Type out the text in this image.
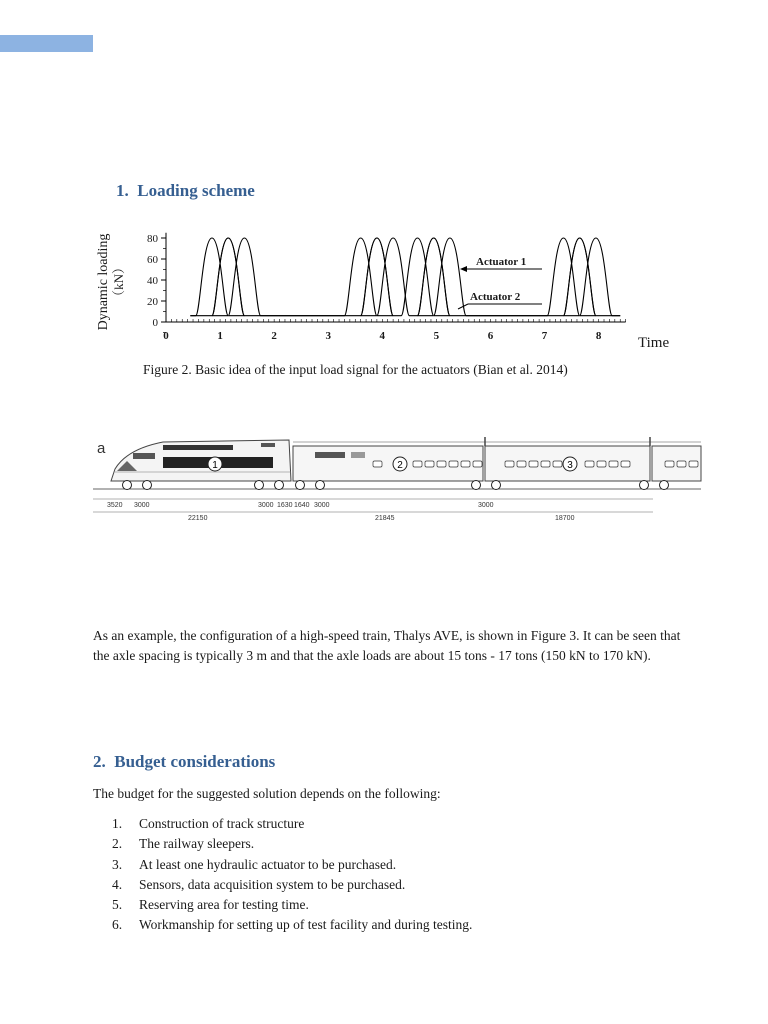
1. Loading scheme
Dynamic loading （kN）
80
60
40
20
0
0	1	2	3	4	5	6	7	8 Time
Actuator 1
Actuator 2

Figure 2. Basic idea of the input load signal for the actuators (Bian et al. 2014)

a
1	2	3
3520 3000	3000 1630 1640 3000	3000
22150	21845	18700

As an example, the configuration of a high-speed train, Thalys AVE, is shown in Figure 3. It can be seen that the axle spacing is typically 3 m and that the axle loads are about 15 tons - 17 tons (150 kN to 170 kN).

2. Budget considerations

The budget for the suggested solution depends on the following:

1.	Construction of track structure
2.	The railway sleepers.
3.	At least one hydraulic actuator to be purchased.
4.	Sensors, data acquisition system to be purchased.
5.	Reserving area for testing time.
6.	Workmanship for setting up of test facility and during testing.
